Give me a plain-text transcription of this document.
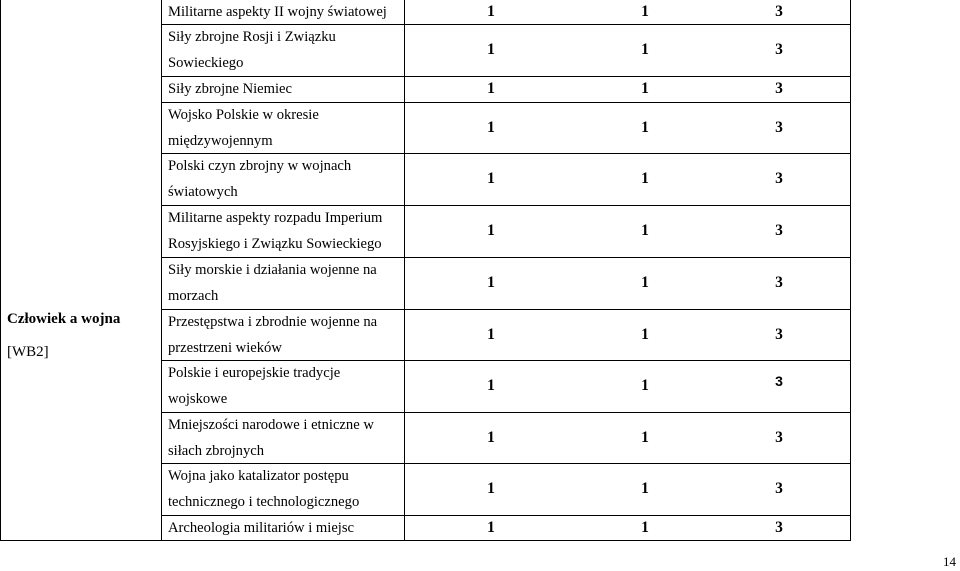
Człowiek a wojna
[WB2]
Militarne aspekty II wojny światowej	1	1	3
Siły zbrojne Rosji i Związku
Sowieckiego
1	1	3
Siły zbrojne Niemiec	1	1	3
Wojsko Polskie w okresie
międzywojennym
1	1	3
Polski czyn zbrojny w wojnach
światowych
1	1	3
Militarne aspekty rozpadu Imperium
Rosyjskiego i Związku Sowieckiego
1	1	3
Siły morskie i działania wojenne na
morzach
1	1	3
Przestępstwa i zbrodnie wojenne na
przestrzeni wieków
1	1	3
Polskie i europejskie tradycje
wojskowe
1	1	3
Mniejszości narodowe i etniczne w
siłach zbrojnych
1	1	3
Wojna jako katalizator postępu
technicznego i technologicznego
1	1	3
Archeologia militariów i miejsc	1	1	3
14
